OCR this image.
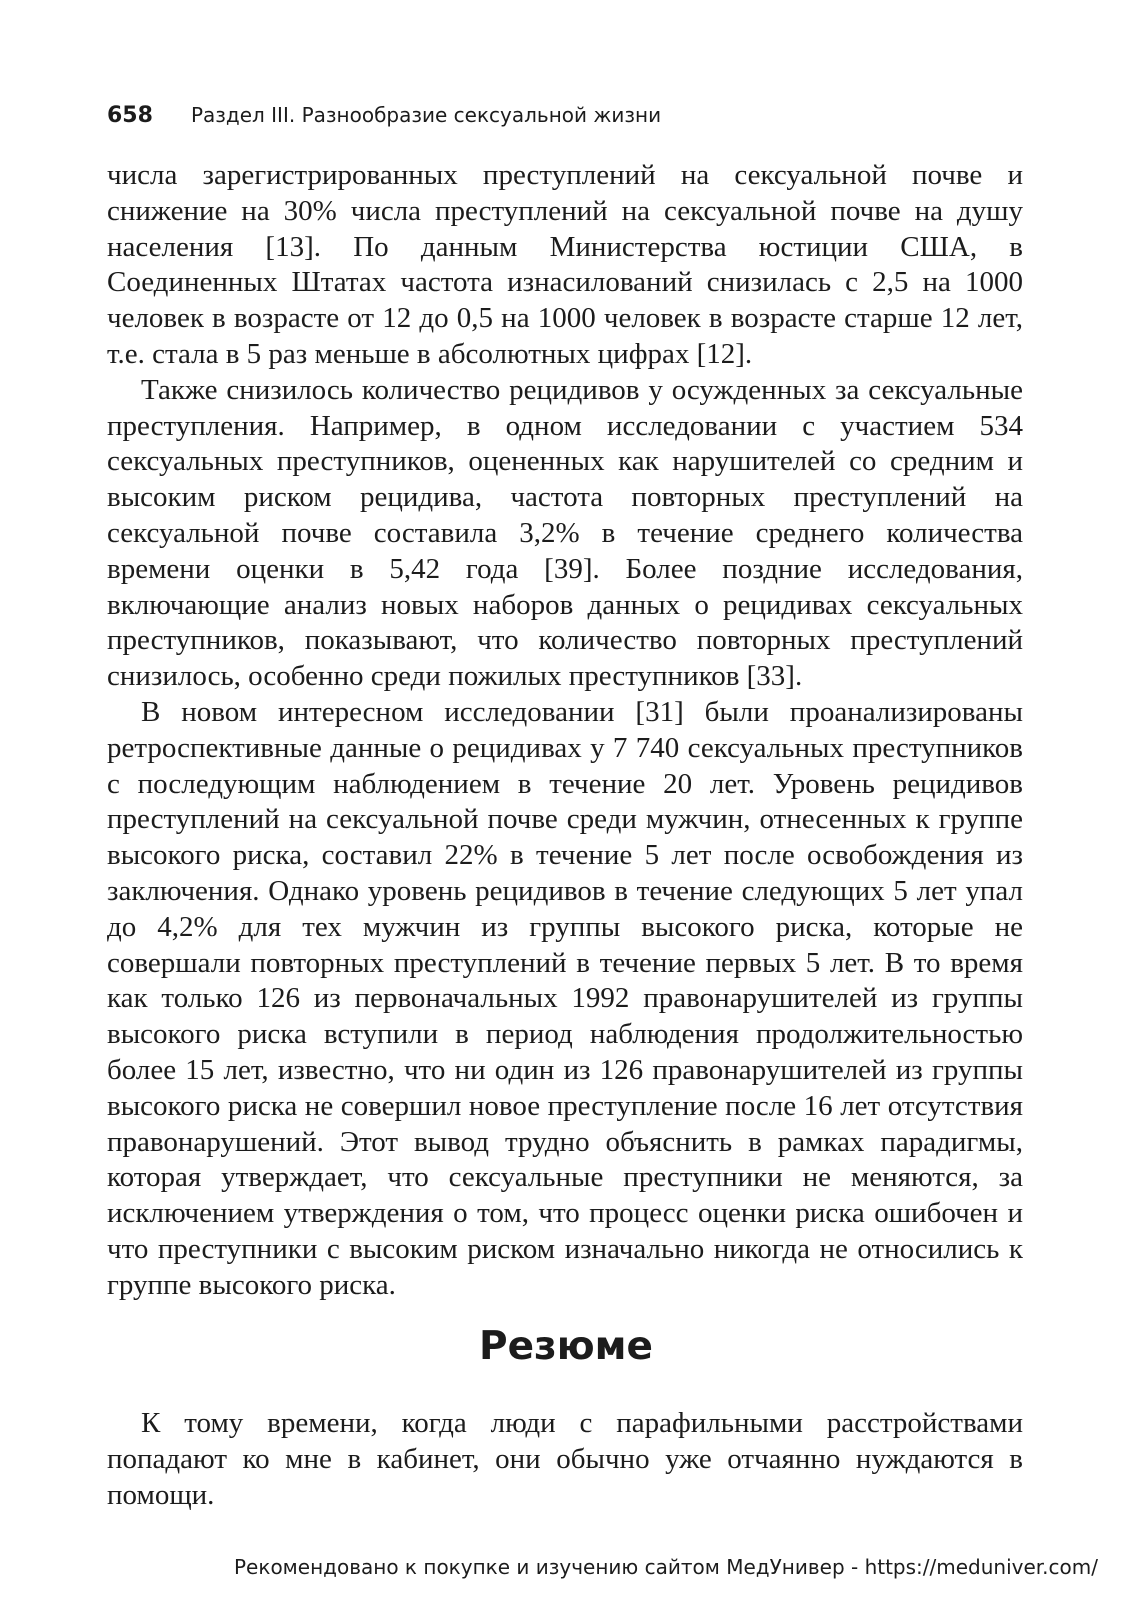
658 Раздел III. Разнообразие сексуальной жизни

числа зарегистрированных преступлений на сексуальной почве и снижение на 30% числа преступлений на сексуальной почве на душу населения [13]. По данным Министерства юстиции США, в Соединенных Штатах частота изнасилований снизилась с 2,5 на 1000 человек в возрасте от 12 до 0,5 на 1000 человек в возрасте старше 12 лет, т.е. стала в 5 раз меньше в абсолютных цифрах [12].

Также снизилось количество рецидивов у осужденных за сексуальные преступления. Например, в одном исследовании с участием 534 сексуальных преступников, оцененных как нарушителей со средним и высоким риском рецидива, частота повторных преступлений на сексуальной почве составила 3,2% в течение среднего количества времени оценки в 5,42 года [39]. Более поздние исследования, включающие анализ новых наборов данных о рецидивах сексуальных преступников, показывают, что количество повторных преступлений снизилось, особенно среди пожилых преступников [33].

В новом интересном исследовании [31] были проанализированы ретроспективные данные о рецидивах у 7 740 сексуальных преступников с последующим наблюдением в течение 20 лет. Уровень рецидивов преступлений на сексуальной почве среди мужчин, отнесенных к группе высокого риска, составил 22% в течение 5 лет после освобождения из заключения. Однако уровень рецидивов в течение следующих 5 лет упал до 4,2% для тех мужчин из группы высокого риска, которые не совершали повторных преступлений в течение первых 5 лет. В то время как только 126 из первоначальных 1992 правонарушителей из группы высокого риска вступили в период наблюдения продолжительностью более 15 лет, известно, что ни один из 126 правонарушителей из группы высокого риска не совершил новое преступление после 16 лет отсутствия правонарушений. Этот вывод трудно объяснить в рамках парадигмы, которая утверждает, что сексуальные преступники не меняются, за исключением утверждения о том, что процесс оценки риска ошибочен и что преступники с высоким риском изначально никогда не относились к группе высокого риска.

Резюме

К тому времени, когда люди с парафильными расстройствами попадают ко мне в кабинет, они обычно уже отчаянно нуждаются в помощи.

Рекомендовано к покупке и изучению сайтом МедУнивер - https://meduniver.com/
